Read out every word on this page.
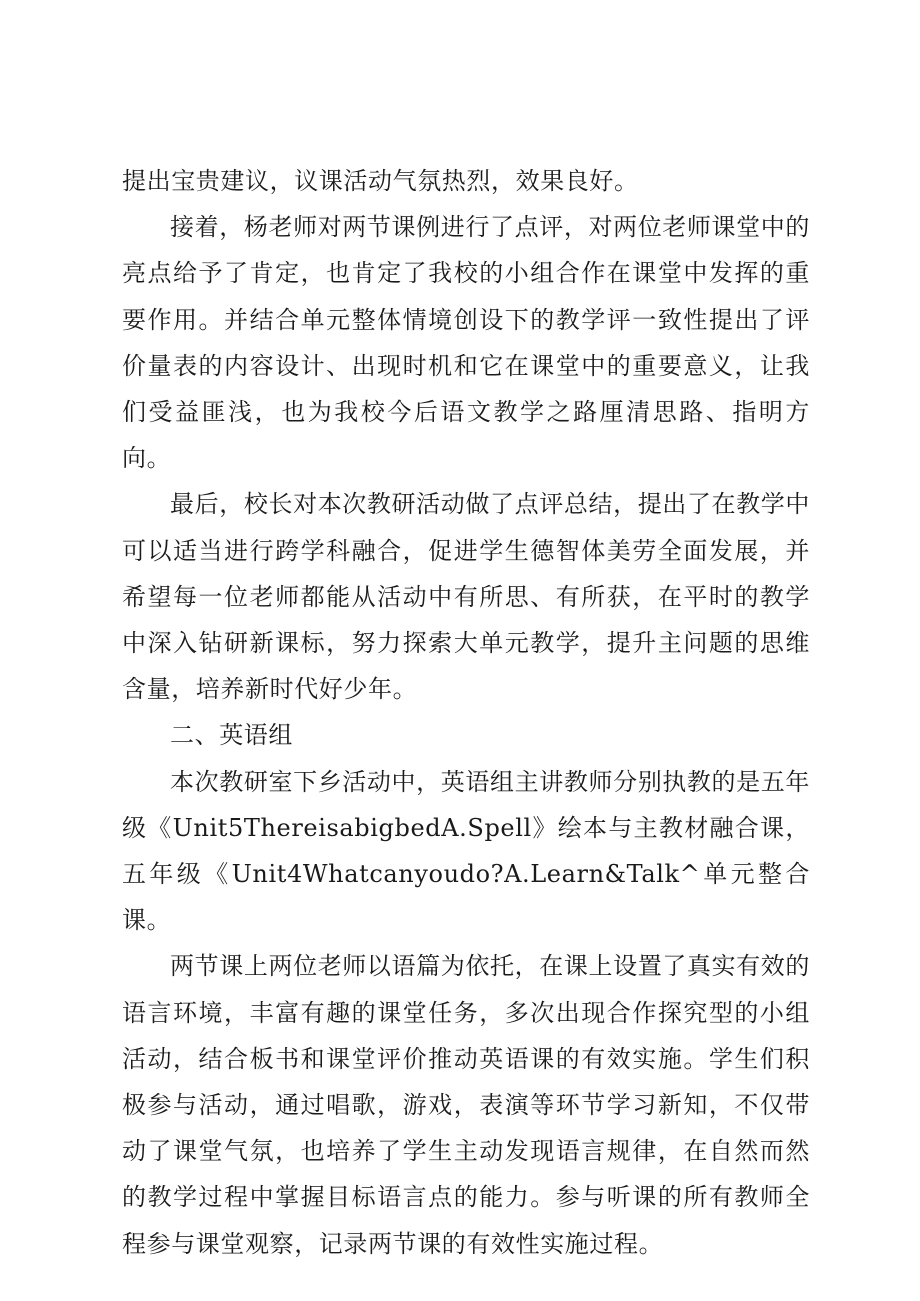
提出宝贵建议，议课活动气氛热烈，效果良好。

接着，杨老师对两节课例进行了点评，对两位老师课堂中的亮点给予了肯定，也肯定了我校的小组合作在课堂中发挥的重要作用。并结合单元整体情境创设下的教学评一致性提出了评价量表的内容设计、出现时机和它在课堂中的重要意义，让我们受益匪浅，也为我校今后语文教学之路厘清思路、指明方向。

最后，校长对本次教研活动做了点评总结，提出了在教学中可以适当进行跨学科融合，促进学生德智体美劳全面发展，并希望每一位老师都能从活动中有所思、有所获，在平时的教学中深入钻研新课标，努力探索大单元教学，提升主问题的思维含量，培养新时代好少年。

二、英语组

本次教研室下乡活动中，英语组主讲教师分别执教的是五年级《Unit5ThereisabigbedA.Spell》绘本与主教材融合课，五年级《Unit4Whatcanyoudo?A.Learn&Talk^单元整合课。

两节课上两位老师以语篇为依托，在课上设置了真实有效的语言环境，丰富有趣的课堂任务，多次出现合作探究型的小组活动，结合板书和课堂评价推动英语课的有效实施。学生们积极参与活动，通过唱歌，游戏，表演等环节学习新知，不仅带动了课堂气氛，也培养了学生主动发现语言规律，在自然而然的教学过程中掌握目标语言点的能力。参与听课的所有教师全程参与课堂观察，记录两节课的有效性实施过程。
